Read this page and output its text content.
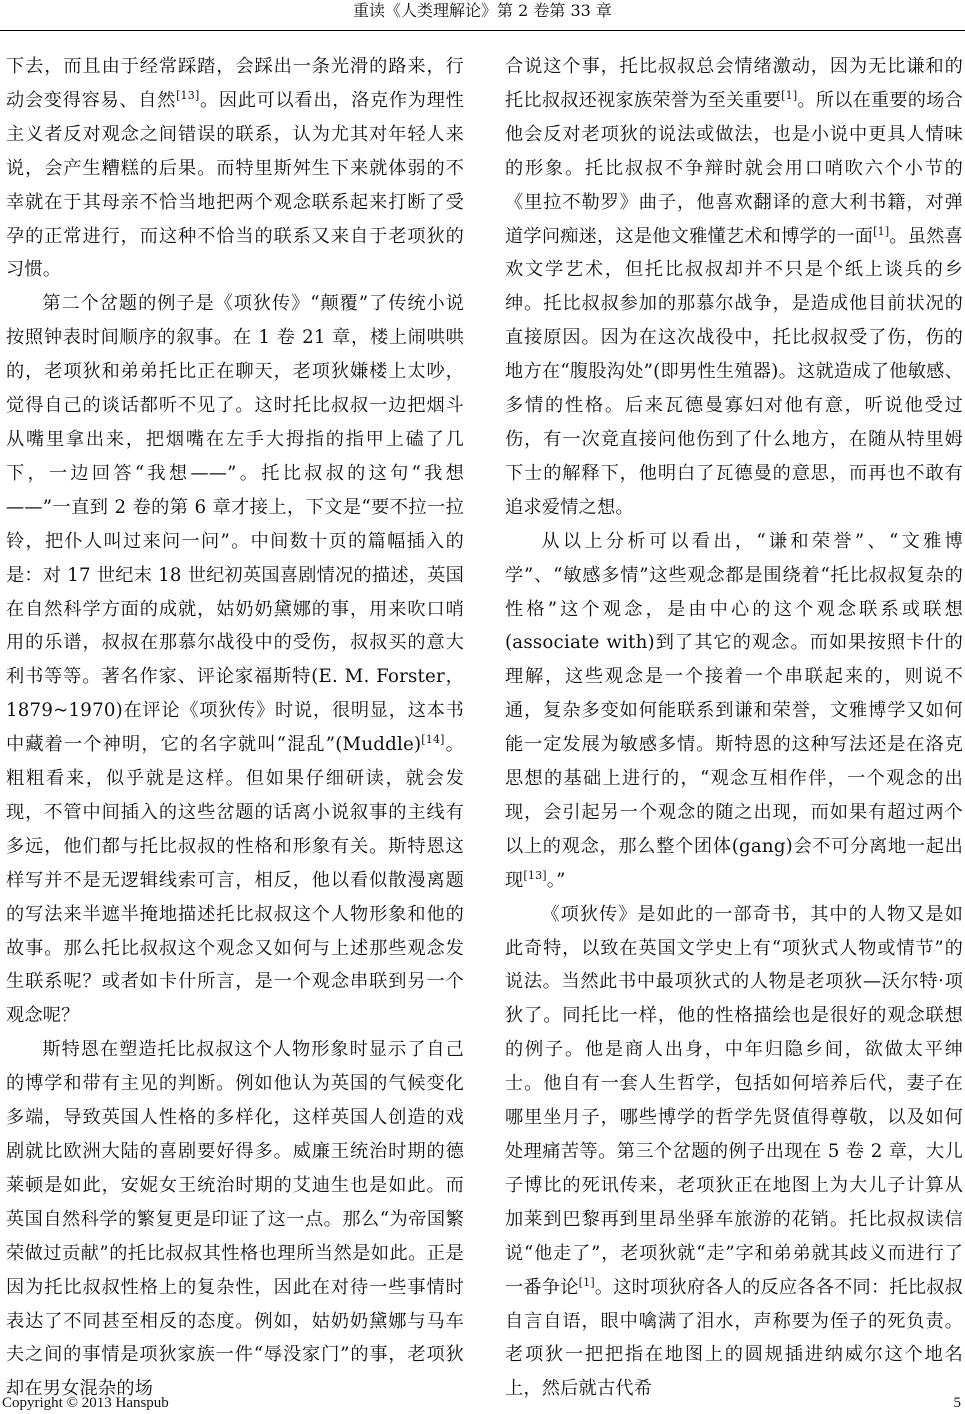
重读《人类理解论》第 2 卷第 33 章

下去，而且由于经常踩踏，会踩出一条光滑的路来，行动会变得容易、自然[13]。因此可以看出，洛克作为理性主义者反对观念之间错误的联系，认为尤其对年轻人来说，会产生糟糕的后果。而特里斯舛生下来就体弱的不幸就在于其母亲不恰当地把两个观念联系起来打断了受孕的正常进行，而这种不恰当的联系又来自于老项狄的习惯。

第二个岔题的例子是《项狄传》“颠覆”了传统小说按照钟表时间顺序的叙事。在 1 卷 21 章，楼上闹哄哄的，老项狄和弟弟托比正在聊天，老项狄嫌楼上太吵，觉得自己的谈话都听不见了。这时托比叔叔一边把烟斗从嘴里拿出来，把烟嘴在左手大拇指的指甲上磕了几下，一边回答“我想——”。托比叔叔的这句“我想——”一直到 2 卷的第 6 章才接上，下文是“要不拉一拉铃，把仆人叫过来问一问”。中间数十页的篇幅插入的是：对 17 世纪末 18 世纪初英国喜剧情况的描述，英国在自然科学方面的成就，姑奶奶黛娜的事，用来吹口哨用的乐谱，叔叔在那慕尔战役中的受伤，叔叔买的意大利书等等。著名作家、评论家福斯特(E. M. Forster，1879~1970)在评论《项狄传》时说，很明显，这本书中藏着一个神明，它的名字就叫“混乱”(Muddle)[14]。粗粗看来，似乎就是这样。但如果仔细研读，就会发现，不管中间插入的这些岔题的话离小说叙事的主线有多远，他们都与托比叔叔的性格和形象有关。斯特恩这样写并不是无逻辑线索可言，相反，他以看似散漫离题的写法来半遮半掩地描述托比叔叔这个人物形象和他的故事。那么托比叔叔这个观念又如何与上述那些观念发生联系呢？或者如卡什所言，是一个观念串联到另一个观念呢？

斯特恩在塑造托比叔叔这个人物形象时显示了自己的博学和带有主见的判断。例如他认为英国的气候变化多端，导致英国人性格的多样化，这样英国人创造的戏剧就比欧洲大陆的喜剧要好得多。威廉王统治时期的德莱顿是如此，安妮女王统治时期的艾迪生也是如此。而英国自然科学的繁复更是印证了这一点。那么“为帝国繁荣做过贡献”的托比叔叔其性格也理所当然是如此。正是因为托比叔叔性格上的复杂性，因此在对待一些事情时表达了不同甚至相反的态度。例如，姑奶奶黛娜与马车夫之间的事情是项狄家族一件“辱没家门”的事，老项狄却在男女混杂的场

合说这个事，托比叔叔总会情绪激动，因为无比谦和的托比叔叔还视家族荣誉为至关重要[1]。所以在重要的场合他会反对老项狄的说法或做法，也是小说中更具人情味的形象。托比叔叔不争辩时就会用口哨吹六个小节的《里拉不勒罗》曲子，他喜欢翻译的意大利书籍，对弹道学问痴迷，这是他文雅懂艺术和博学的一面[1]。虽然喜欢文学艺术，但托比叔叔却并不只是个纸上谈兵的乡绅。托比叔叔参加的那慕尔战争，是造成他目前状况的直接原因。因为在这次战役中，托比叔叔受了伤，伤的地方在“腹股沟处”(即男性生殖器)。这就造成了他敏感、多情的性格。后来瓦德曼寡妇对他有意，听说他受过伤，有一次竟直接问他伤到了什么地方，在随从特里姆下士的解释下，他明白了瓦德曼的意思，而再也不敢有追求爱情之想。

从以上分析可以看出，“谦和荣誉”、“文雅博学”、“敏感多情”这些观念都是围绕着“托比叔叔复杂的性格”这个观念，是由中心的这个观念联系或联想(associate with)到了其它的观念。而如果按照卡什的理解，这些观念是一个接着一个串联起来的，则说不通，复杂多变如何能联系到谦和荣誉，文雅博学又如何能一定发展为敏感多情。斯特恩的这种写法还是在洛克思想的基础上进行的，“观念互相作伴，一个观念的出现，会引起另一个观念的随之出现，而如果有超过两个以上的观念，那么整个团体(gang)会不可分离地一起出现[13]。”

《项狄传》是如此的一部奇书，其中的人物又是如此奇特，以致在英国文学史上有“项狄式人物或情节”的说法。当然此书中最项狄式的人物是老项狄—沃尔特·项狄了。同托比一样，他的性格描绘也是很好的观念联想的例子。他是商人出身，中年归隐乡间，欲做太平绅士。他自有一套人生哲学，包括如何培养后代，妻子在哪里坐月子，哪些博学的哲学先贤值得尊敬，以及如何处理痛苦等。第三个岔题的例子出现在 5 卷 2 章，大儿子博比的死讯传来，老项狄正在地图上为大儿子计算从加莱到巴黎再到里昂坐驿车旅游的花销。托比叔叔读信说“他走了”，老项狄就“走”字和弟弟就其歧义而进行了一番争论[1]。这时项狄府各人的反应各各不同：托比叔叔自言自语，眼中噙满了泪水，声称要为侄子的死负责。老项狄一把把指在地图上的圆规插进纳威尔这个地名上，然后就古代希

Copyright © 2013 Hanspub	5
